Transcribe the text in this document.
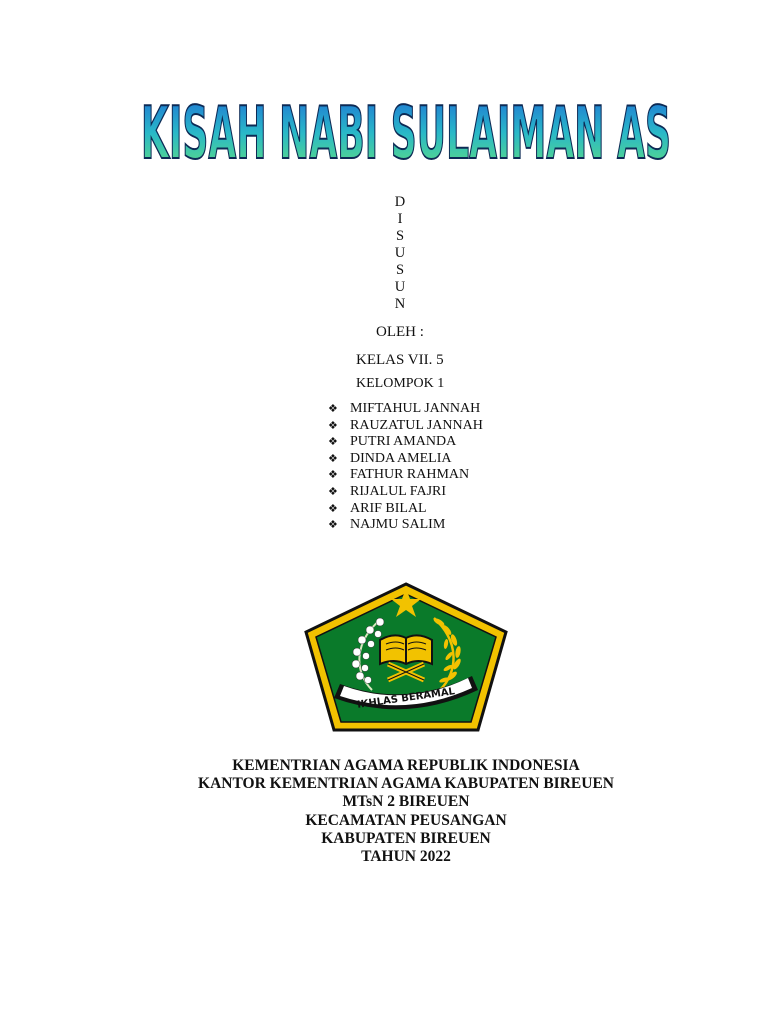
KISAH NABI SULAIMAN AS
D
I
S
U
S
U
N
OLEH :
KELAS VII. 5
KELOMPOK 1
❖ MIFTAHUL JANNAH
❖ RAUZATUL JANNAH
❖ PUTRI AMANDA
❖ DINDA AMELIA
❖ FATHUR RAHMAN
❖ RIJALUL FAJRI
❖ ARIF BILAL
❖ NAJMU SALIM
IKHLAS BERAMAL
KEMENTRIAN AGAMA REPUBLIK INDONESIA
KANTOR KEMENTRIAN AGAMA KABUPATEN BIREUEN
MTsN 2 BIREUEN
KECAMATAN PEUSANGAN
KABUPATEN BIREUEN
TAHUN 2022
